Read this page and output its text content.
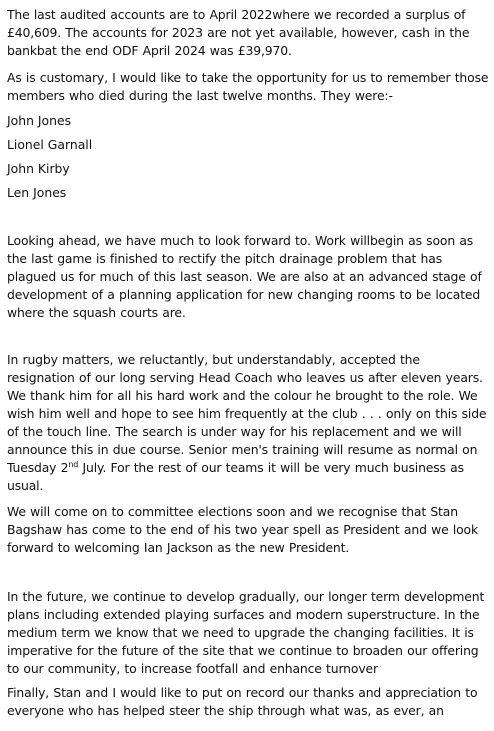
The last audited accounts are to April 2022where we recorded a surplus of £40,609. The accounts for 2023 are not yet available, however, cash in the bankbat the end ODF April 2024 was £39,970.

As is customary, I would like to take the opportunity for us to remember those members who died during the last twelve months. They were:-

John Jones

Lionel Garnall

John Kirby

Len Jones

Looking ahead, we have much to look forward to. Work willbegin as soon as the last game is finished to rectify the pitch drainage problem that has plagued us for much of this last season. We are also at an advanced stage of development of a planning application for new changing rooms to be located where the squash courts are.

In rugby matters, we reluctantly, but understandably, accepted the resignation of our long serving Head Coach who leaves us after eleven years. We thank him for all his hard work and the colour he brought to the role. We wish him well and hope to see him frequently at the club . . . only on this side of the touch line. The search is under way for his replacement and we will announce this in due course. Senior men's training will resume as normal on Tuesday 2nd July. For the rest of our teams it will be very much business as usual.

We will come on to committee elections soon and we recognise that Stan Bagshaw has come to the end of his two year spell as President and we look forward to welcoming Ian Jackson as the new President.

In the future, we continue to develop gradually, our longer term development plans including extended playing surfaces and modern superstructure. In the medium term we know that we need to upgrade the changing facilities. It is imperative for the future of the site that we continue to broaden our offering to our community, to increase footfall and enhance turnover

Finally, Stan and I would like to put on record our thanks and appreciation to everyone who has helped steer the ship through what was, as ever, an
